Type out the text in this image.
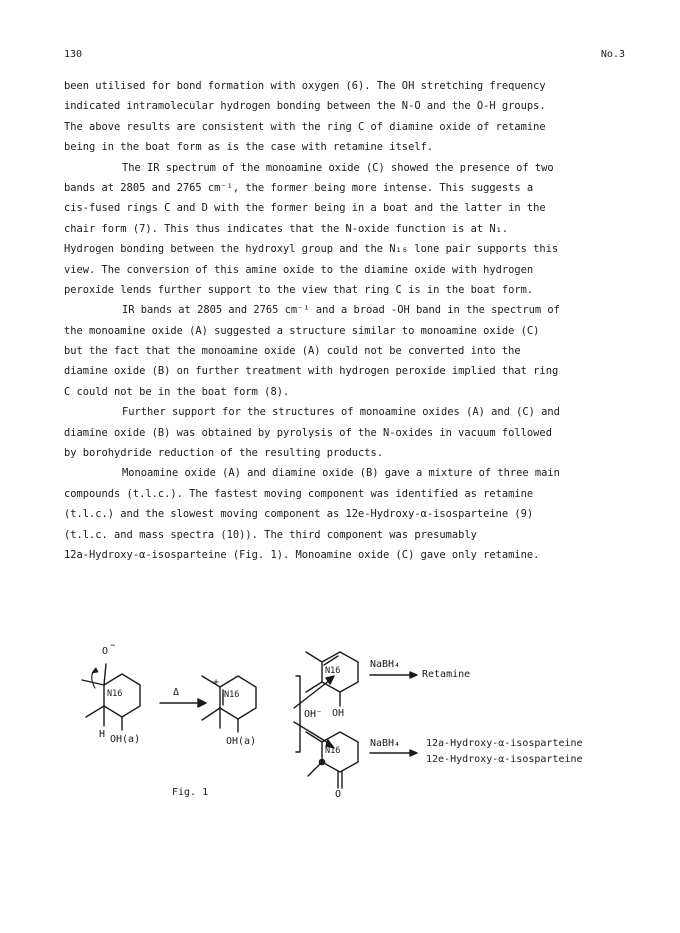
130	No.3
been utilised for bond formation with oxygen (6). The OH stretching frequency
indicated intramolecular hydrogen bonding between the N-O and the O-H groups.
The above results are consistent with the ring C of diamine oxide of retamine
being in the boat form as is the case with retamine itself.
The IR spectrum of the monoamine oxide (C) showed the presence of two
bands at 2805 and 2765 cm⁻¹, the former being more intense. This suggests a
cis-fused rings C and D with the former being in a boat and the latter in the
chair form (7). This thus indicates that the N-oxide function is at N₁.
Hydrogen bonding between the hydroxyl group and the N₁₆ lone pair supports this
view. The conversion of this amine oxide to the diamine oxide with hydrogen
peroxide lends further support to the view that ring C is in the boat form.
IR bands at 2805 and 2765 cm⁻¹ and a broad -OH band in the spectrum of
the monoamine oxide (A) suggested a structure similar to monoamine oxide (C)
but the fact that the monoamine oxide (A) could not be converted into the
diamine oxide (B) on further treatment with hydrogen peroxide implied that ring
C could not be in the boat form (8).
Further support for the structures of monoamine oxides (A) and (C) and
diamine oxide (B) was obtained by pyrolysis of the N-oxides in vacuum followed
by borohydride reduction of the resulting products.
Monoamine oxide (A) and diamine oxide (B) gave a mixture of three main
compounds (t.l.c.). The fastest moving component was identified as retamine
(t.l.c.) and the slowest moving component as 12e-Hydroxy-α-isosparteine (9)
(t.l.c. and mass spectra (10)). The third component was presumably
12a-Hydroxy-α-isosparteine (Fig. 1). Monoamine oxide (C) gave only retamine.
O −
N16
H OH(a)
Δ	N16
+
OH(a)
OH⁻
N16
OH
NaBH₄
Retamine
N16
O
NaBH₄	12a-Hydroxy-α-isosparteine
12e-Hydroxy-α-isosparteine
Fig. 1
